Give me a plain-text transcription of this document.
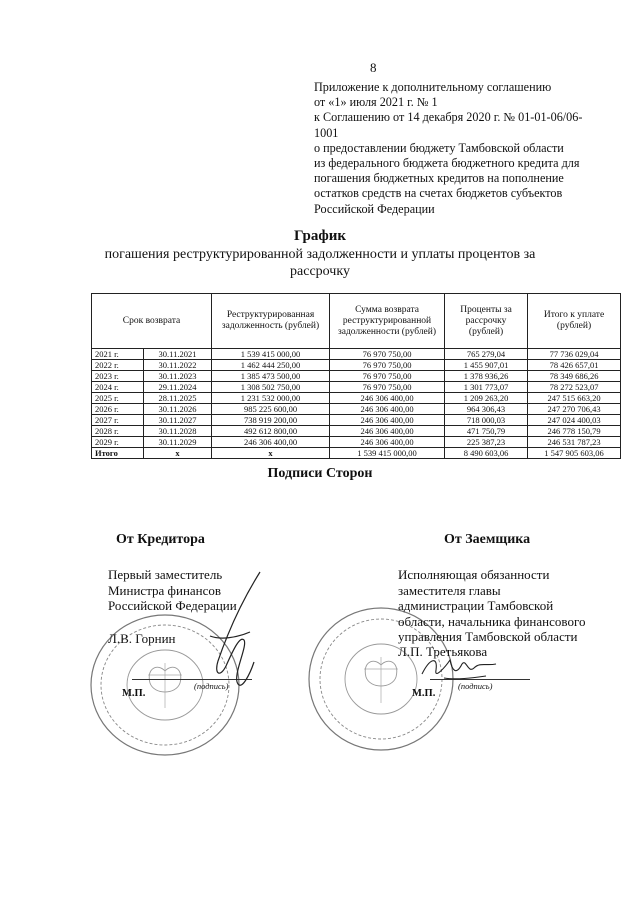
8
Приложение к дополнительному соглашению
от «1» июля 2021 г. № 1
к Соглашению от 14 декабря 2020 г. № 01-01-06/06-
1001
о предоставлении бюджету Тамбовской области
из федерального бюджета бюджетного кредита для
погашения бюджетных кредитов на пополнение
остатков средств на счетах бюджетов субъектов
Российской Федерации
График
погашения реструктурированной задолженности и уплаты процентов за
рассрочку
Срок возврата		Реструктурированная задолженность (рублей)	Сумма возврата реструктурированной задолженности (рублей)	Проценты за рассрочку (рублей)	Итого к уплате (рублей)
2021 г.	30.11.2021	1 539 415 000,00	76 970 750,00	765 279,04	77 736 029,04
2022 г.	30.11.2022	1 462 444 250,00	76 970 750,00	1 455 907,01	78 426 657,01
2023 г.	30.11.2023	1 385 473 500,00	76 970 750,00	1 378 936,26	78 349 686,26
2024 г.	29.11.2024	1 308 502 750,00	76 970 750,00	1 301 773,07	78 272 523,07
2025 г.	28.11.2025	1 231 532 000,00	246 306 400,00	1 209 263,20	247 515 663,20
2026 г.	30.11.2026	985 225 600,00	246 306 400,00	964 306,43	247 270 706,43
2027 г.	30.11.2027	738 919 200,00	246 306 400,00	718 000,03	247 024 400,03
2028 г.	30.11.2028	492 612 800,00	246 306 400,00	471 750,79	246 778 150,79
2029 г.	30.11.2029	246 306 400,00	246 306 400,00	225 387,23	246 531 787,23
Итого	х	х	1 539 415 000,00	8 490 603,06	1 547 905 603,06
Подписи Сторон
От Кредитора	От Заемщика
Первый заместитель
Министра финансов
Российской Федерации
Л.В. Горнин
Исполняющая обязанности
заместителя главы
администрации Тамбовской
области, начальника финансового
управления Тамбовской области
Л.П. Третьякова
(подпись)	(подпись)
М.П.	М.П.
